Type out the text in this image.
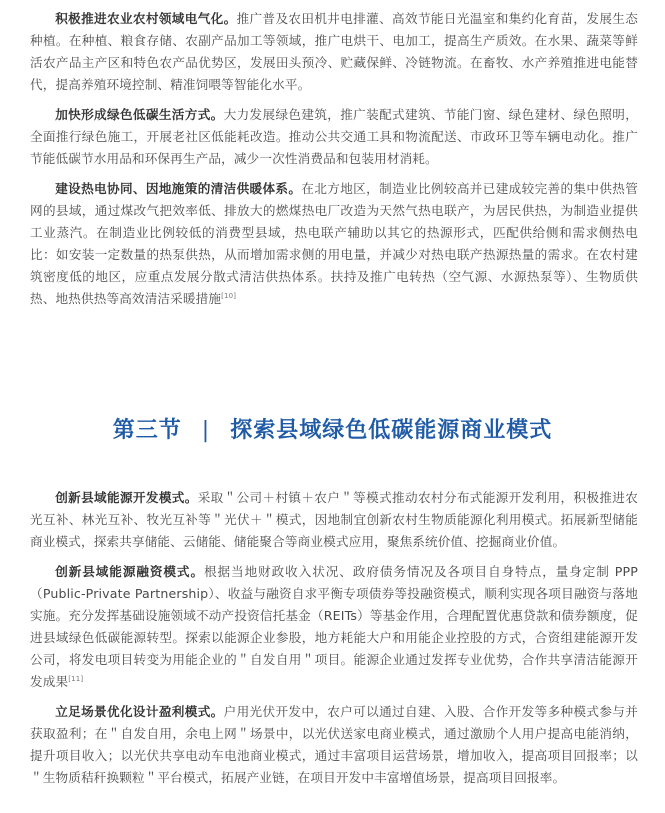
积极推进农业农村领域电气化。推广普及农田机井电排灌、高效节能日光温室和集约化育苗，发展生态种植。在种植、粮食存储、农副产品加工等领域，推广电烘干、电加工，提高生产质效。在水果、蔬菜等鲜活农产品主产区和特色农产品优势区，发展田头预冷、贮藏保鲜、冷链物流。在畜牧、水产养殖推进电能替代，提高养殖环境控制、精准饲喂等智能化水平。

加快形成绿色低碳生活方式。大力发展绿色建筑，推广装配式建筑、节能门窗、绿色建材、绿色照明，全面推行绿色施工，开展老社区低能耗改造。推动公共交通工具和物流配送、市政环卫等车辆电动化。推广节能低碳节水用品和环保再生产品，减少一次性消费品和包装用材消耗。

建设热电协同、因地施策的清洁供暖体系。在北方地区，制造业比例较高并已建成较完善的集中供热管网的县域，通过煤改气把效率低、排放大的燃煤热电厂改造为天然气热电联产，为居民供热，为制造业提供工业蒸汽。在制造业比例较低的消费型县域，热电联产辅助以其它的热源形式，匹配供给侧和需求侧热电比：如安装一定数量的热泵供热，从而增加需求侧的用电量，并减少对热电联产热源热量的需求。在农村建筑密度低的地区，应重点发展分散式清洁供热体系。扶持及推广电转热（空气源、水源热泵等）、生物质供热、地热供热等高效清洁采暖措施[10]

第三节 | 探索县域绿色低碳能源商业模式

创新县域能源开发模式。采取＂公司＋村镇＋农户＂等模式推动农村分布式能源开发利用，积极推进农光互补、林光互补、牧光互补等＂光伏＋＂模式，因地制宜创新农村生物质能源化利用模式。拓展新型储能商业模式，探索共享储能、云储能、储能聚合等商业模式应用，聚焦系统价值、挖掘商业价值。

创新县域能源融资模式。根据当地财政收入状况、政府债务情况及各项目自身特点，量身定制 PPP（Public-Private Partnership）、收益与融资自求平衡专项债券等投融资模式，顺利实现各项目融资与落地实施。充分发挥基础设施领域不动产投资信托基金（REITs）等基金作用，合理配置优惠贷款和债券额度，促进县域绿色低碳能源转型。探索以能源企业参股，地方耗能大户和用能企业控股的方式，合资组建能源开发公司，将发电项目转变为用能企业的＂自发自用＂项目。能源企业通过发挥专业优势，合作共享清洁能源开发成果[11]

立足场景优化设计盈利模式。户用光伏开发中，农户可以通过自建、入股、合作开发等多种模式参与并获取盈利；在＂自发自用，余电上网＂场景中，以光伏送家电商业模式，通过激励个人用户提高电能消纳，提升项目收入；以光伏共享电动车电池商业模式，通过丰富项目运营场景，增加收入，提高项目回报率；以＂生物质秸秆换颗粒＂平台模式，拓展产业链，在项目开发中丰富增值场景，提高项目回报率。
